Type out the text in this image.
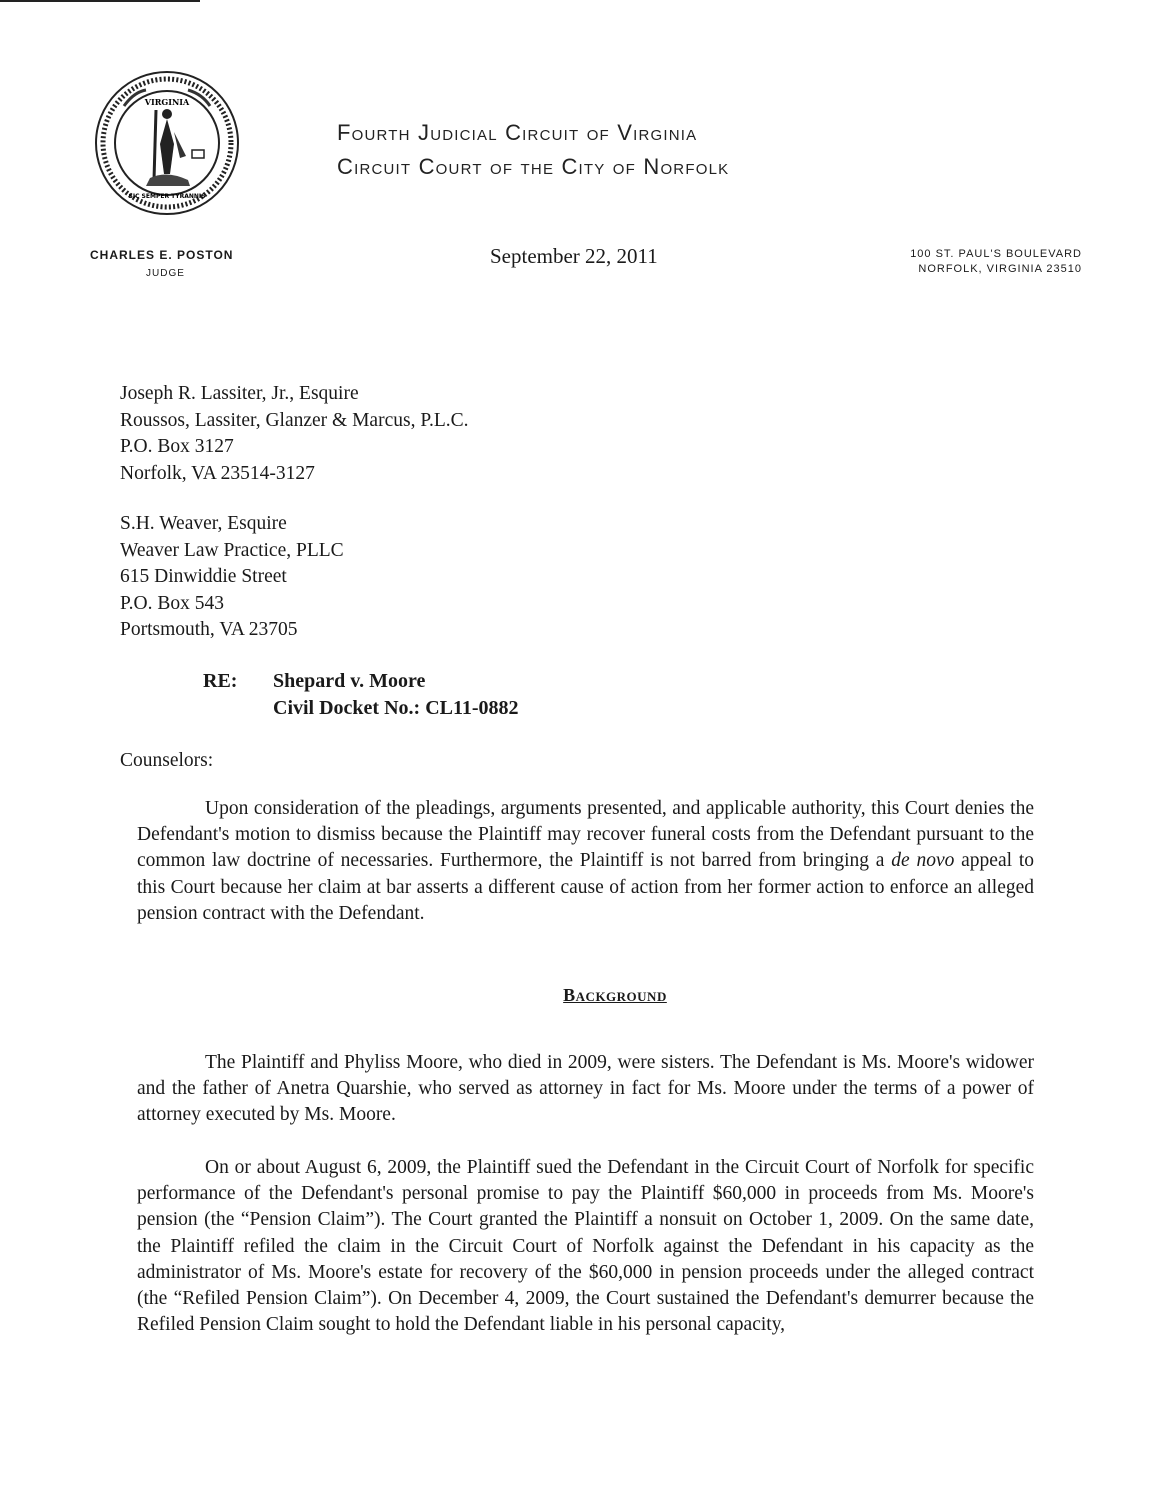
VIRGINIA
SIC SEMPER TYRANNIS
Fourth Judicial Circuit of Virginia
Circuit Court of the City of Norfolk
CHARLES E. POSTON
JUDGE
September 22, 2011	100 ST. PAUL'S BOULEVARD
NORFOLK, VIRGINIA 23510
Joseph R. Lassiter, Jr., Esquire
Roussos, Lassiter, Glanzer & Marcus, P.L.C.
P.O. Box 3127
Norfolk, VA 23514-3127
S.H. Weaver, Esquire
Weaver Law Practice, PLLC
615 Dinwiddie Street
P.O. Box 543
Portsmouth, VA 23705
RE: Shepard v. Moore
Civil Docket No.: CL11-0882
Counselors:

Upon consideration of the pleadings, arguments presented, and applicable authority, this Court denies the Defendant's motion to dismiss because the Plaintiff may recover funeral costs from the Defendant pursuant to the common law doctrine of necessaries. Furthermore, the Plaintiff is not barred from bringing a de novo appeal to this Court because her claim at bar asserts a different cause of action from her former action to enforce an alleged pension contract with the Defendant.

Background

The Plaintiff and Phyliss Moore, who died in 2009, were sisters. The Defendant is Ms. Moore's widower and the father of Anetra Quarshie, who served as attorney in fact for Ms. Moore under the terms of a power of attorney executed by Ms. Moore.

On or about August 6, 2009, the Plaintiff sued the Defendant in the Circuit Court of Norfolk for specific performance of the Defendant's personal promise to pay the Plaintiff $60,000 in proceeds from Ms. Moore's pension (the “Pension Claim”). The Court granted the Plaintiff a nonsuit on October 1, 2009. On the same date, the Plaintiff refiled the claim in the Circuit Court of Norfolk against the Defendant in his capacity as the administrator of Ms. Moore's estate for recovery of the $60,000 in pension proceeds under the alleged contract (the “Refiled Pension Claim”). On December 4, 2009, the Court sustained the Defendant's demurrer because the Refiled Pension Claim sought to hold the Defendant liable in his personal capacity,
